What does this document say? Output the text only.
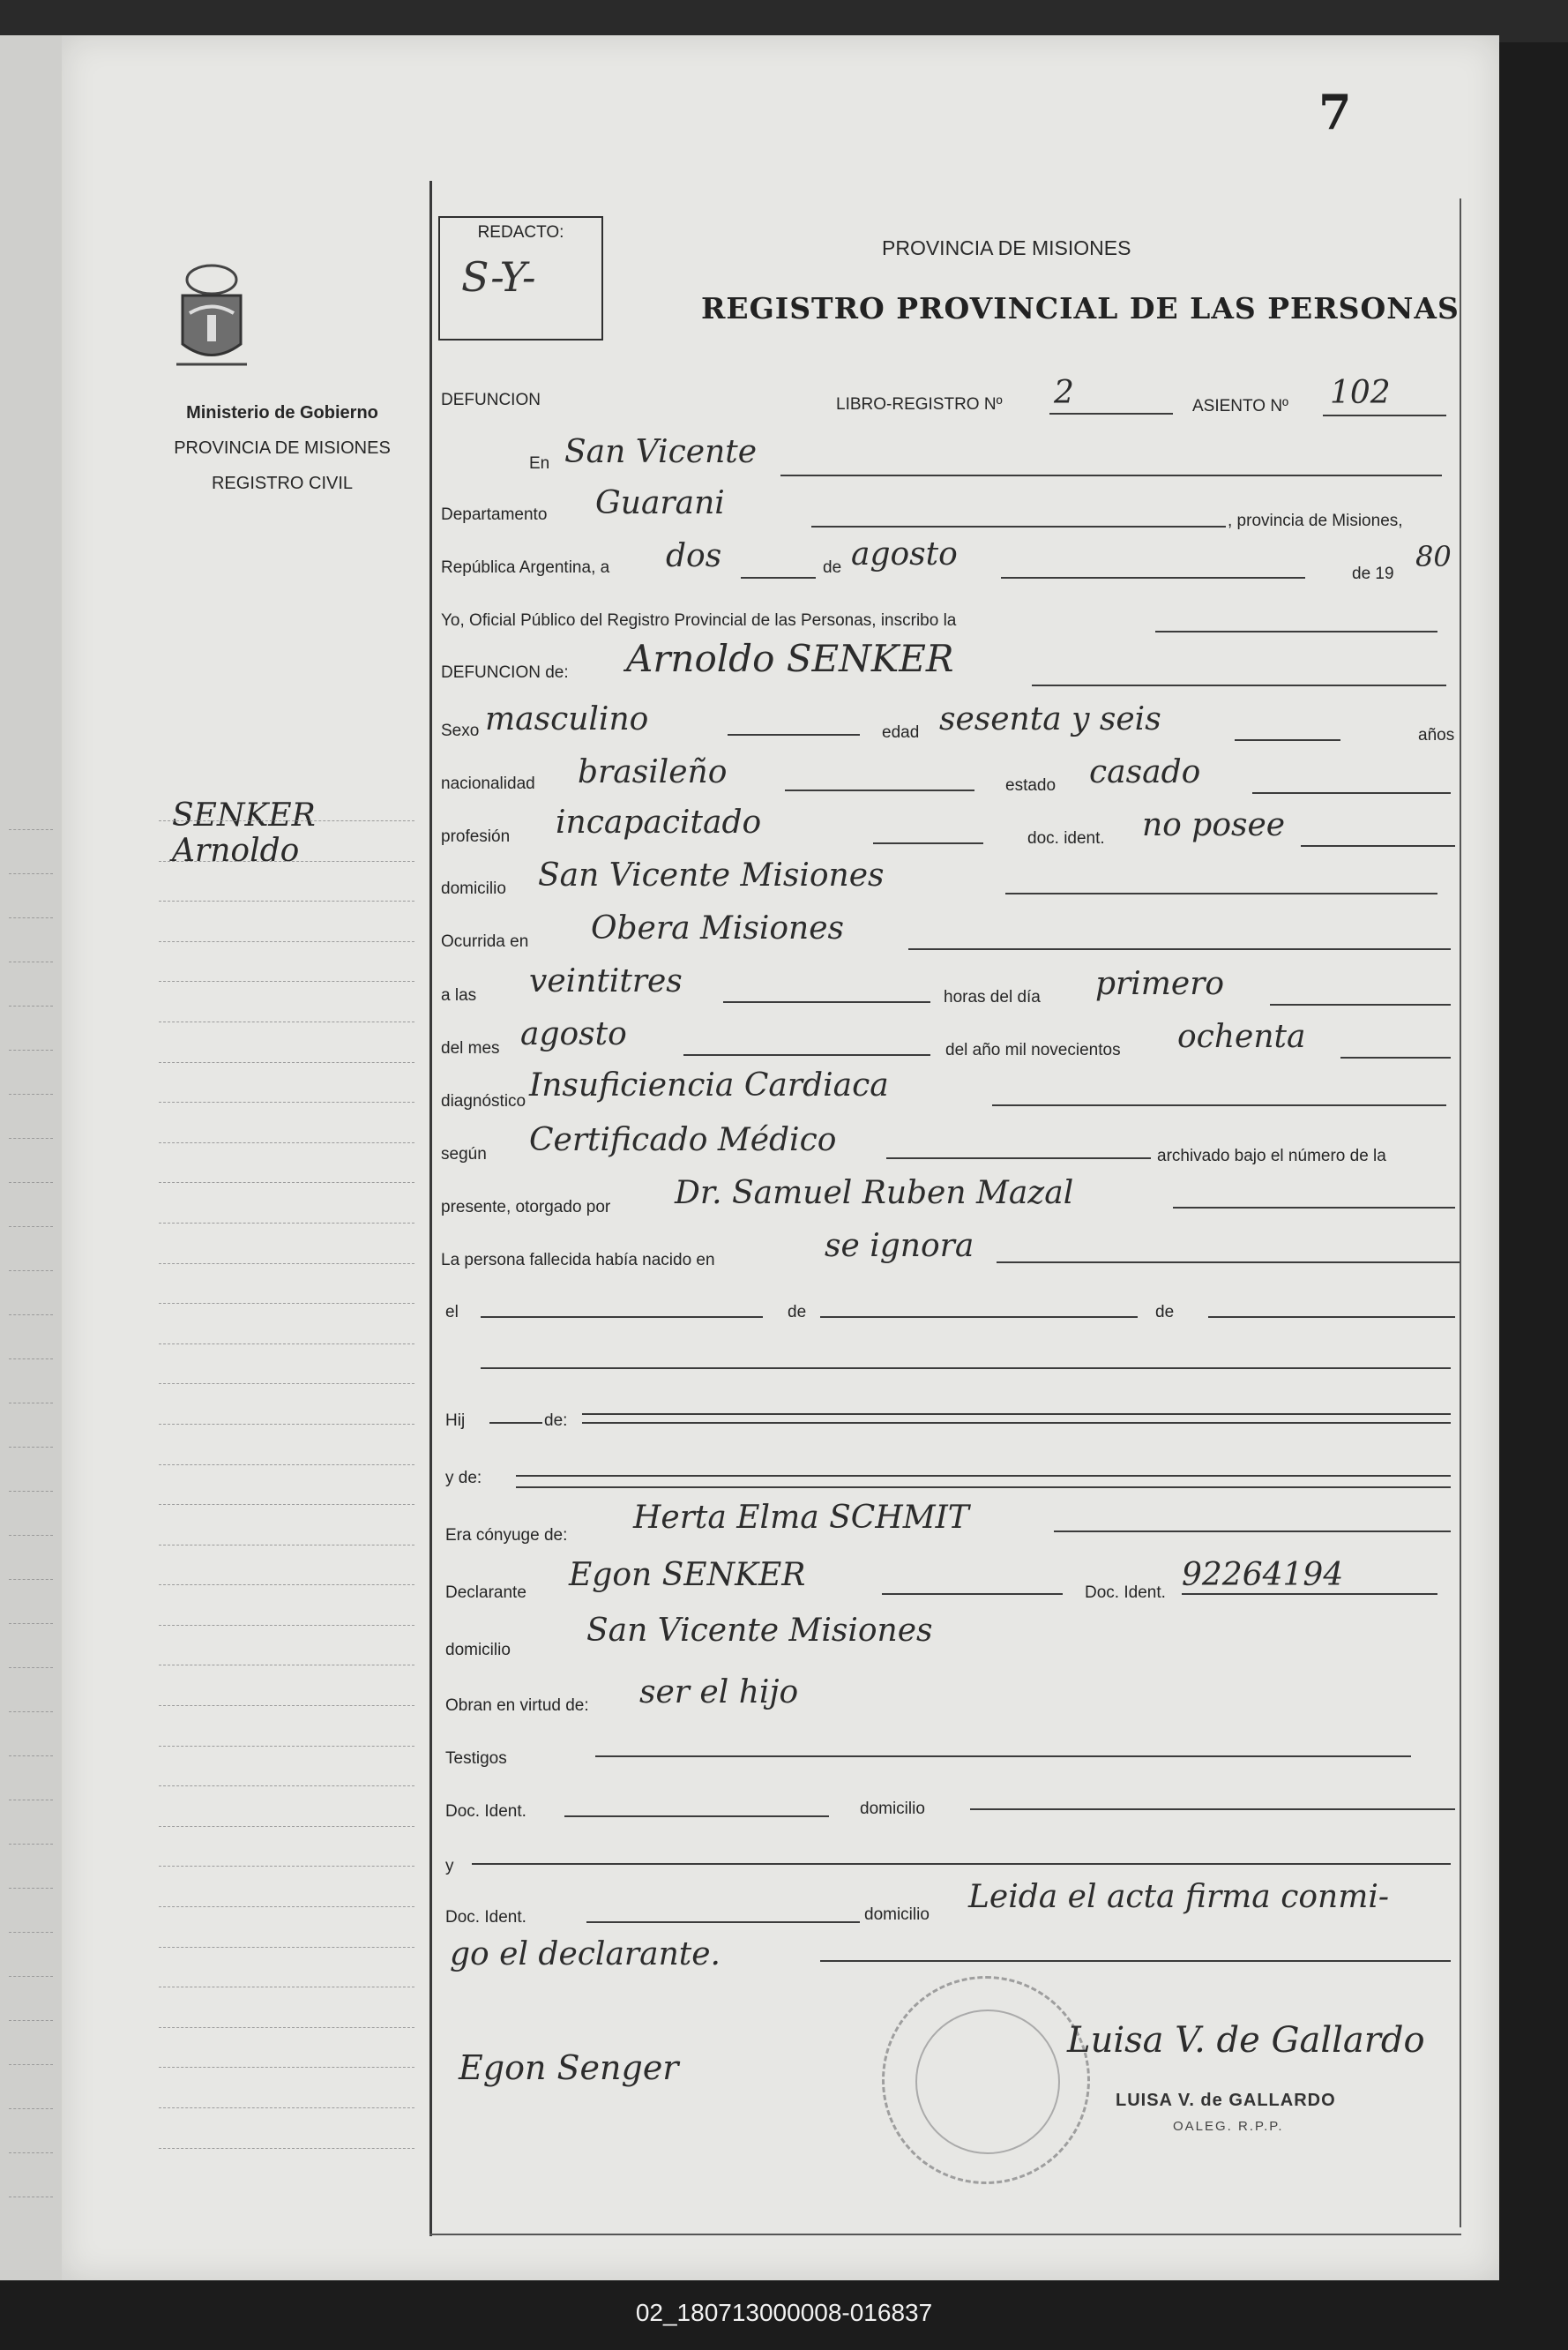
7
Ministerio de Gobierno
PROVINCIA DE MISIONES
REGISTRO CIVIL
SENKER
Arnoldo
REDACTO:
S-Y-
PROVINCIA DE MISIONES
REGISTRO PROVINCIAL DE LAS PERSONAS
DEFUNCION	LIBRO-REGISTRO Nº 2	ASIENTO Nº 102
En San Vicente
Departamento Guarani	, provincia de Misiones,
República Argentina, a dos	de agosto
de 19
80
Yo, Oficial Público del Registro Provincial de las Personas, inscribo la
DEFUNCION de: Arnoldo SENKER
Sexo masculino	edad sesenta y seis	años
nacionalidad brasileño	estado casado
profesión incapacitado	doc. ident. no posee
domicilio San Vicente Misiones
Ocurrida en Obera Misiones
a las veintitres	horas del día primero
del mes agosto	del año mil novecientos ochenta
diagnóstico Insuficiencia Cardiaca
según Certificado Médico	archivado bajo el número de la
presente, otorgado por Dr. Samuel Ruben Mazal
La persona fallecida había nacido en	se ignora
el	de	de
Hij	de:
y de:
Era cónyuge de: Herta Elma SCHMIT
Declarante Egon SENKER	Doc. Ident. 92264194
domicilio
San Vicente Misiones
Obran en virtud de: ser el hijo
Testigos
Doc. Ident.	domicilio
y
Doc. Ident.	domicilio Leida el acta firma conmi-
go el declarante.
Egon Senger
Luisa V. de Gallardo
LUISA V. de GALLARDO
OALEG. R.P.P.
02_180713000008-016837
